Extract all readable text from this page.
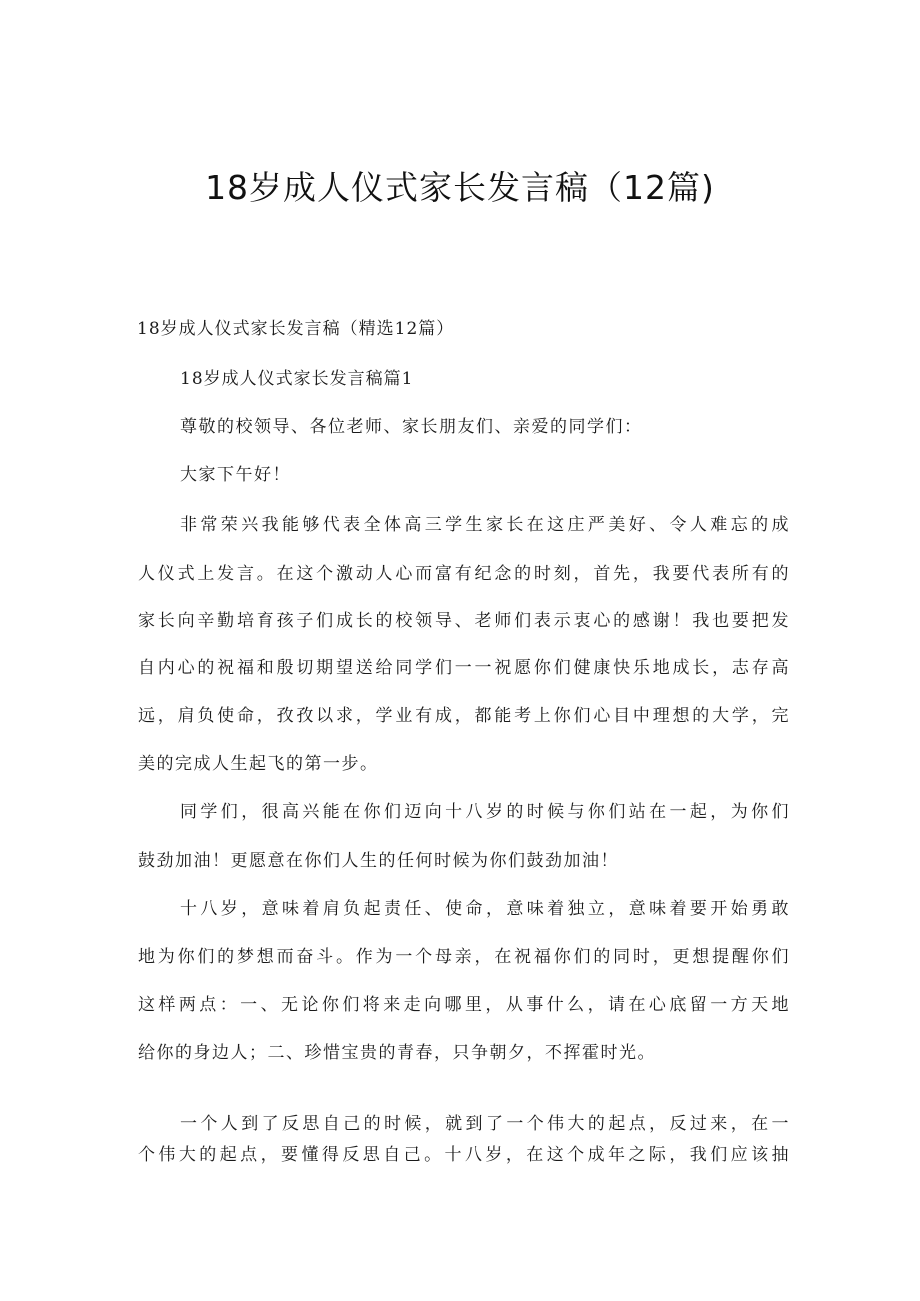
18岁成人仪式家长发言稿（12篇)
18岁成人仪式家长发言稿（精选12篇）
18岁成人仪式家长发言稿篇1
尊敬的校领导、各位老师、家长朋友们、亲爱的同学们：
大家下午好！
非常荣兴我能够代表全体高三学生家长在这庄严美好、令人难忘的成
人仪式上发言。在这个激动人心而富有纪念的时刻，首先，我要代表所有的
家长向辛勤培育孩子们成长的校领导、老师们表示衷心的感谢！我也要把发
自内心的祝福和殷切期望送给同学们一一祝愿你们健康快乐地成长，志存高
远，肩负使命，孜孜以求，学业有成，都能考上你们心目中理想的大学，完
美的完成人生起飞的第一步。
同学们，很高兴能在你们迈向十八岁的时候与你们站在一起，为你们
鼓劲加油！更愿意在你们人生的任何时候为你们鼓劲加油！
十八岁，意味着肩负起责任、使命，意味着独立，意味着要开始勇敢
地为你们的梦想而奋斗。作为一个母亲，在祝福你们的同时，更想提醒你们
这样两点：一、无论你们将来走向哪里，从事什么，请在心底留一方天地
给你的身边人；二、珍惜宝贵的青春，只争朝夕，不挥霍时光。
一个人到了反思自己的时候，就到了一个伟大的起点，反过来，在一
个伟大的起点，要懂得反思自己。十八岁，在这个成年之际，我们应该抽
